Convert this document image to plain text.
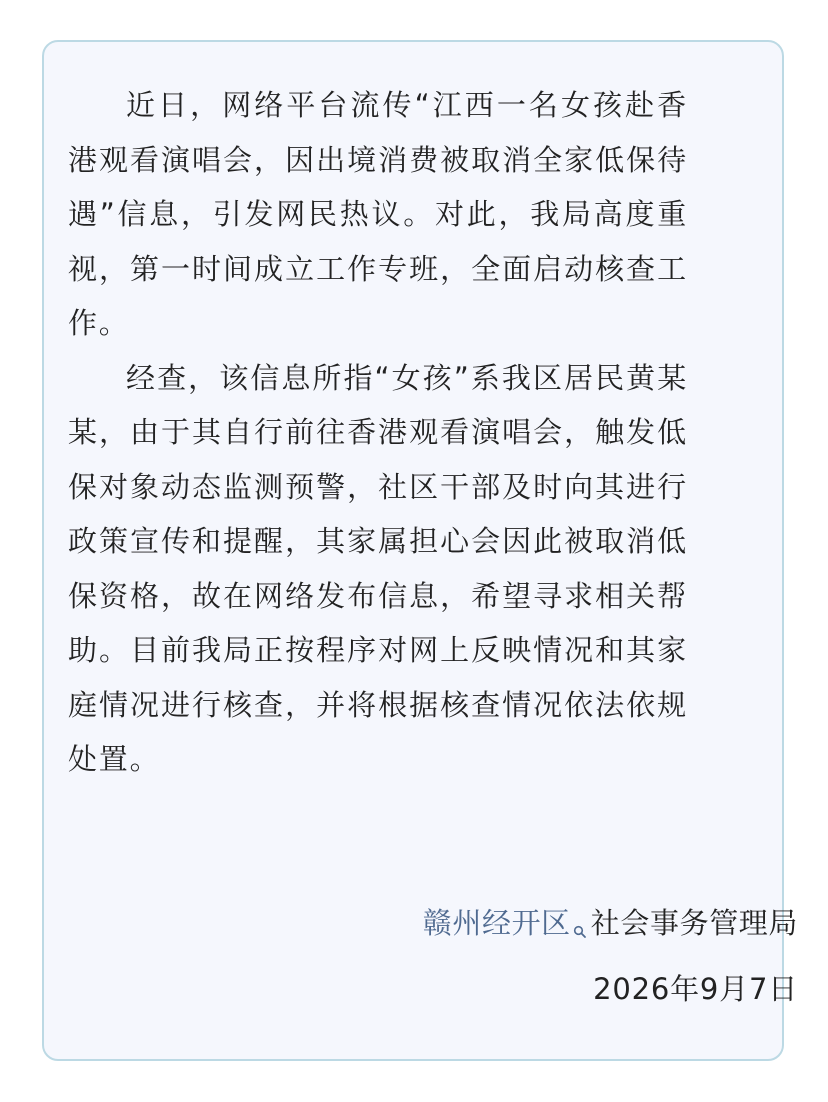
近日，网络平台流传“江西一名女孩赴香港观看演唱会，因出境消费被取消全家低保待遇”信息，引发网民热议。对此，我局高度重视，第一时间成立工作专班，全面启动核查工作。

经查，该信息所指“女孩”系我区居民黄某某，由于其自行前往香港观看演唱会，触发低保对象动态监测预警，社区干部及时向其进行政策宣传和提醒，其家属担心会因此被取消低保资格，故在网络发布信息，希望寻求相关帮助。目前我局正按程序对网上反映情况和其家庭情况进行核查，并将根据核查情况依法依规处置。

赣州经开区 社会事务管理局
2026年9月7日
